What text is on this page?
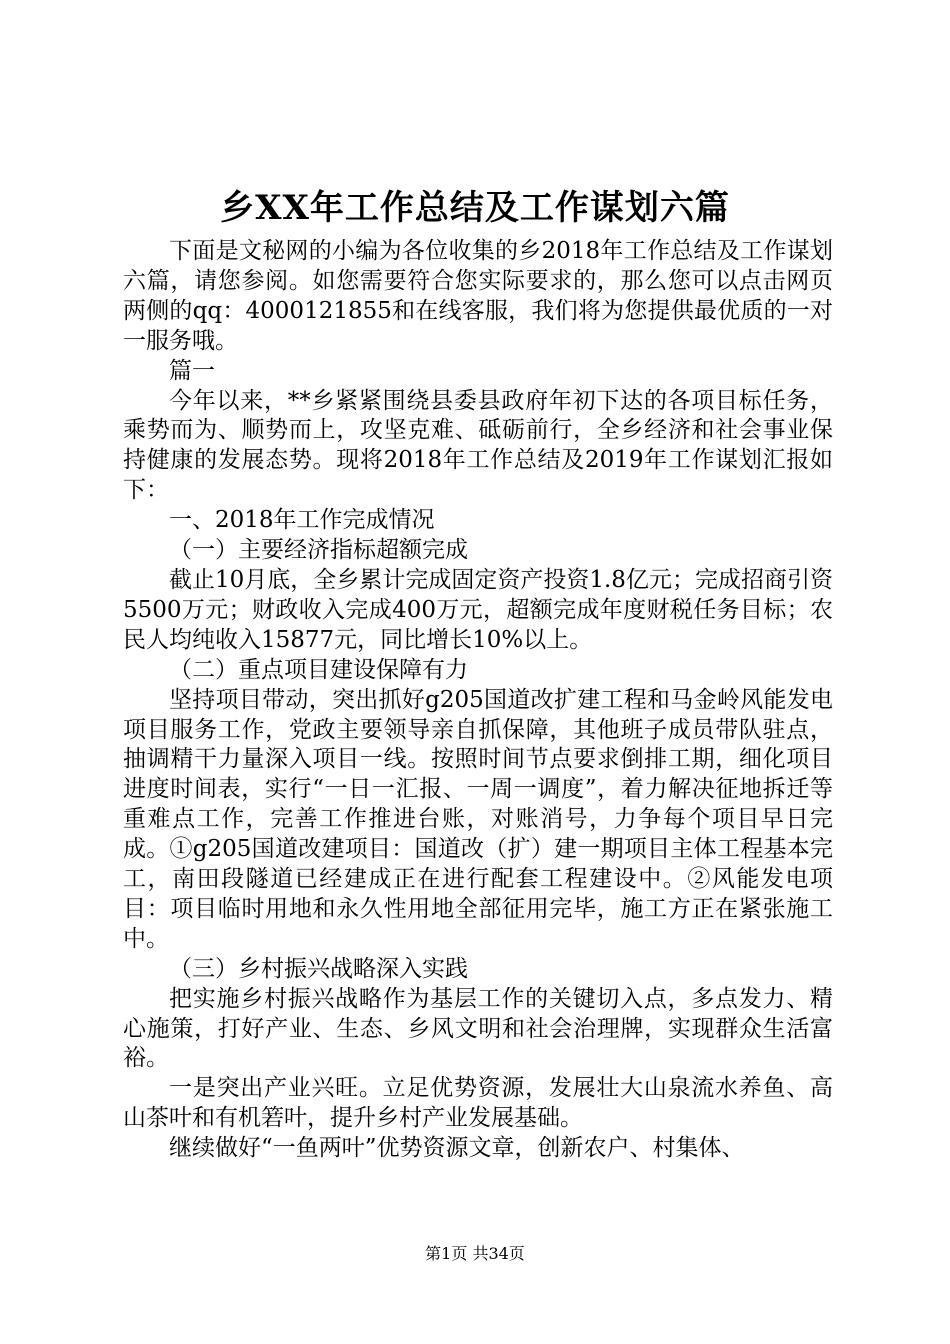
乡XX年工作总结及工作谋划六篇

下面是文秘网的小编为各位收集的乡2018年工作总结及工作谋划六篇，请您参阅。如您需要符合您实际要求的，那么您可以点击网页两侧的qq：4000121855和在线客服，我们将为您提供最优质的一对一服务哦。

篇一

今年以来，**乡紧紧围绕县委县政府年初下达的各项目标任务，乘势而为、顺势而上，攻坚克难、砥砺前行，全乡经济和社会事业保持健康的发展态势。现将2018年工作总结及2019年工作谋划汇报如下：

一、2018年工作完成情况

（一）主要经济指标超额完成

截止10月底，全乡累计完成固定资产投资1.8亿元；完成招商引资5500万元；财政收入完成400万元，超额完成年度财税任务目标；农民人均纯收入15877元，同比增长10%以上。

（二）重点项目建设保障有力

坚持项目带动，突出抓好g205国道改扩建工程和马金岭风能发电项目服务工作，党政主要领导亲自抓保障，其他班子成员带队驻点，抽调精干力量深入项目一线。按照时间节点要求倒排工期，细化项目进度时间表，实行“一日一汇报、一周一调度”，着力解决征地拆迁等重难点工作，完善工作推进台账，对账消号，力争每个项目早日完成。①g205国道改建项目：国道改（扩）建一期项目主体工程基本完工，南田段隧道已经建成正在进行配套工程建设中。②风能发电项目：项目临时用地和永久性用地全部征用完毕，施工方正在紧张施工中。

（三）乡村振兴战略深入实践

把实施乡村振兴战略作为基层工作的关键切入点，多点发力、精心施策，打好产业、生态、乡风文明和社会治理牌，实现群众生活富裕。

一是突出产业兴旺。立足优势资源，发展壮大山泉流水养鱼、高山茶叶和有机箬叶，提升乡村产业发展基础。

继续做好“一鱼两叶”优势资源文章，创新农户、村集体、

第1页 共34页
